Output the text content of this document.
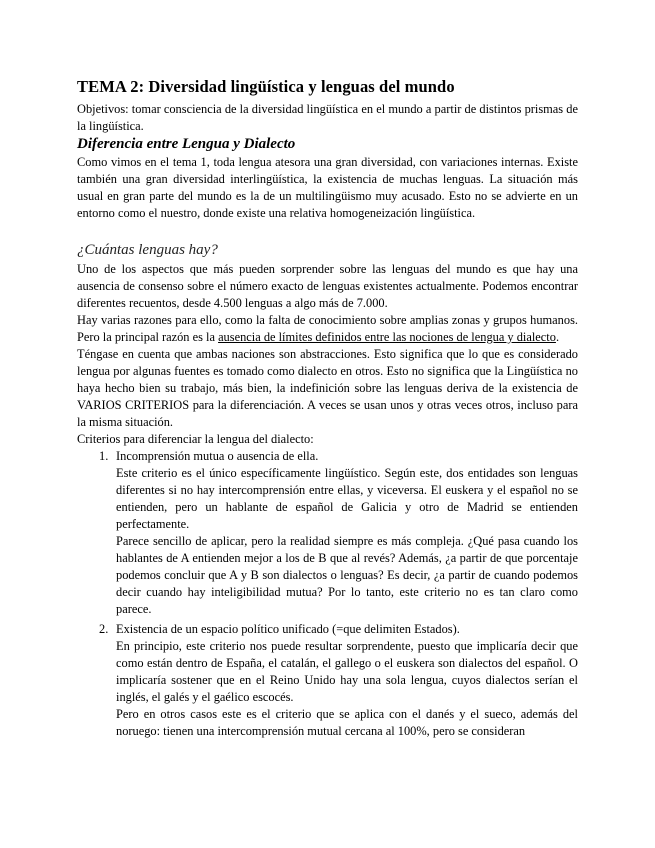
TEMA 2: Diversidad lingüística y lenguas del mundo

Objetivos: tomar consciencia de la diversidad lingüística en el mundo a partir de distintos prismas de la lingüística.

Diferencia entre Lengua y Dialecto

Como vimos en el tema 1, toda lengua atesora una gran diversidad, con variaciones internas. Existe también una gran diversidad interlingüística, la existencia de muchas lenguas. La situación más usual en gran parte del mundo es la de un multilingüismo muy acusado. Esto no se advierte en un entorno como el nuestro, donde existe una relativa homogeneización lingüística.

¿Cuántas lenguas hay?

Uno de los aspectos que más pueden sorprender sobre las lenguas del mundo es que hay una ausencia de consenso sobre el número exacto de lenguas existentes actualmente. Podemos encontrar diferentes recuentos, desde 4.500 lenguas a algo más de 7.000.

Hay varias razones para ello, como la falta de conocimiento sobre amplias zonas y grupos humanos. Pero la principal razón es la ausencia de límites definidos entre las nociones de lengua y dialecto.

Téngase en cuenta que ambas naciones son abstracciones. Esto significa que lo que es considerado lengua por algunas fuentes es tomado como dialecto en otros. Esto no significa que la Lingüística no haya hecho bien su trabajo, más bien, la indefinición sobre las lenguas deriva de la existencia de VARIOS CRITERIOS para la diferenciación. A veces se usan unos y otras veces otros, incluso para la misma situación.

Criterios para diferenciar la lengua del dialecto:

1. Incomprensión mutua o ausencia de ella.

Este criterio es el único específicamente lingüístico. Según este, dos entidades son lenguas diferentes si no hay intercomprensión entre ellas, y viceversa. El euskera y el español no se entienden, pero un hablante de español de Galicia y otro de Madrid se entienden perfectamente.

Parece sencillo de aplicar, pero la realidad siempre es más compleja. ¿Qué pasa cuando los hablantes de A entienden mejor a los de B que al revés? Además, ¿a partir de que porcentaje podemos concluir que A y B son dialectos o lenguas? Es decir, ¿a partir de cuando podemos decir cuando hay inteligibilidad mutua? Por lo tanto, este criterio no es tan claro como parece.

2. Existencia de un espacio político unificado (=que delimiten Estados).

En principio, este criterio nos puede resultar sorprendente, puesto que implicaría decir que como están dentro de España, el catalán, el gallego o el euskera son dialectos del español. O implicaría sostener que en el Reino Unido hay una sola lengua, cuyos dialectos serían el inglés, el galés y el gaélico escocés.

Pero en otros casos este es el criterio que se aplica con el danés y el sueco, además del noruego: tienen una intercomprensión mutual cercana al 100%, pero se consideran
